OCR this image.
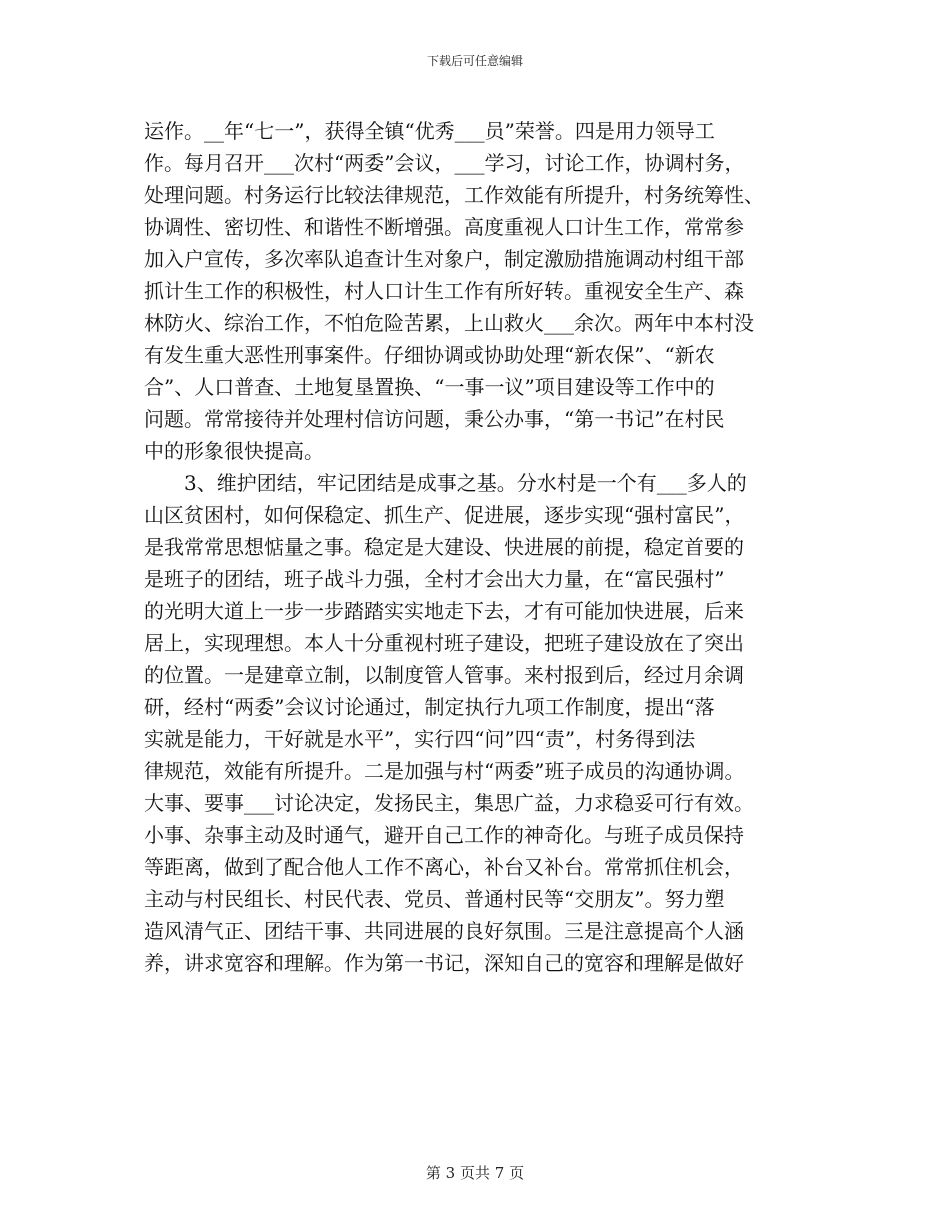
下载后可任意编辑
运作。__年“七一”，获得全镇“优秀___员”荣誉。四是用力领导工
作。每月召开___次村“两委”会议，___学习，讨论工作，协调村务，
处理问题。村务运行比较法律规范，工作效能有所提升，村务统筹性、
协调性、密切性、和谐性不断增强。高度重视人口计生工作，常常参
加入户宣传，多次率队追查计生对象户，制定激励措施调动村组干部
抓计生工作的积极性，村人口计生工作有所好转。重视安全生产、森
林防火、综治工作，不怕危险苦累，上山救火___余次。两年中本村没
有发生重大恶性刑事案件。仔细协调或协助处理“新农保”、“新农
合”、人口普查、土地复垦置换、“一事一议”项目建设等工作中的
问题。常常接待并处理村信访问题，秉公办事，“第一书记”在村民
中的形象很快提高。
　　3、维护团结，牢记团结是成事之基。分水村是一个有___多人的
山区贫困村，如何保稳定、抓生产、促进展，逐步实现“强村富民”，
是我常常思想惦量之事。稳定是大建设、快进展的前提，稳定首要的
是班子的团结，班子战斗力强，全村才会出大力量，在“富民强村”
的光明大道上一步一步踏踏实实地走下去，才有可能加快进展，后来
居上，实现理想。本人十分重视村班子建设，把班子建设放在了突出
的位置。一是建章立制，以制度管人管事。来村报到后，经过月余调
研，经村“两委”会议讨论通过，制定执行九项工作制度，提出“落
实就是能力，干好就是水平”，实行四“问”四“责”，村务得到法
律规范，效能有所提升。二是加强与村“两委”班子成员的沟通协调。
大事、要事___讨论决定，发扬民主，集思广益，力求稳妥可行有效。
小事、杂事主动及时通气，避开自己工作的神奇化。与班子成员保持
等距离，做到了配合他人工作不离心，补台又补台。常常抓住机会，
主动与村民组长、村民代表、党员、普通村民等“交朋友”。努力塑
造风清气正、团结干事、共同进展的良好氛围。三是注意提高个人涵
养，讲求宽容和理解。作为第一书记，深知自己的宽容和理解是做好
第 3 页共 7 页
